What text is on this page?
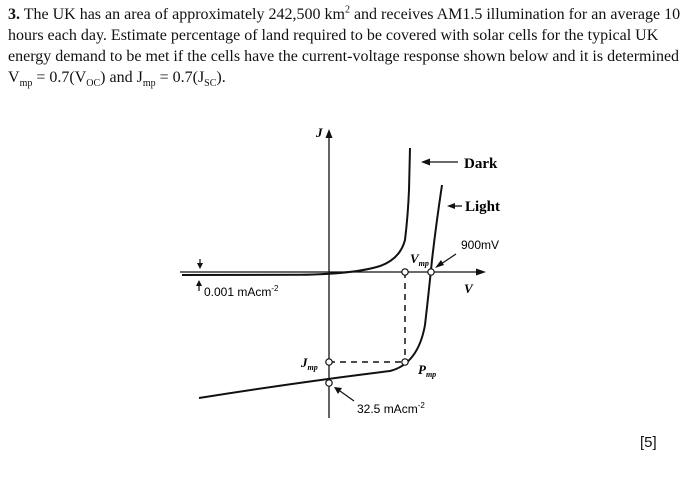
3. The UK has an area of approximately 242,500 $km^2$ and receives AM1.5 illumination for an average 10 hours each day. Estimate percentage of land required to be covered with solar cells for the typical UK energy demand to be met if the cells have the current-voltage response shown below and it is determined $V_{mp} = 0.7(V_{OC})$ and $J_{mp} = 0.7(J_{SC})$.
Dark
Light
900mV
J
V
0.001 mAcm$^{-2}$
$V_{mp}$
$J_{mp}$	$P_{mp}$
32.5 mAcm$^{-2}$
[5]
